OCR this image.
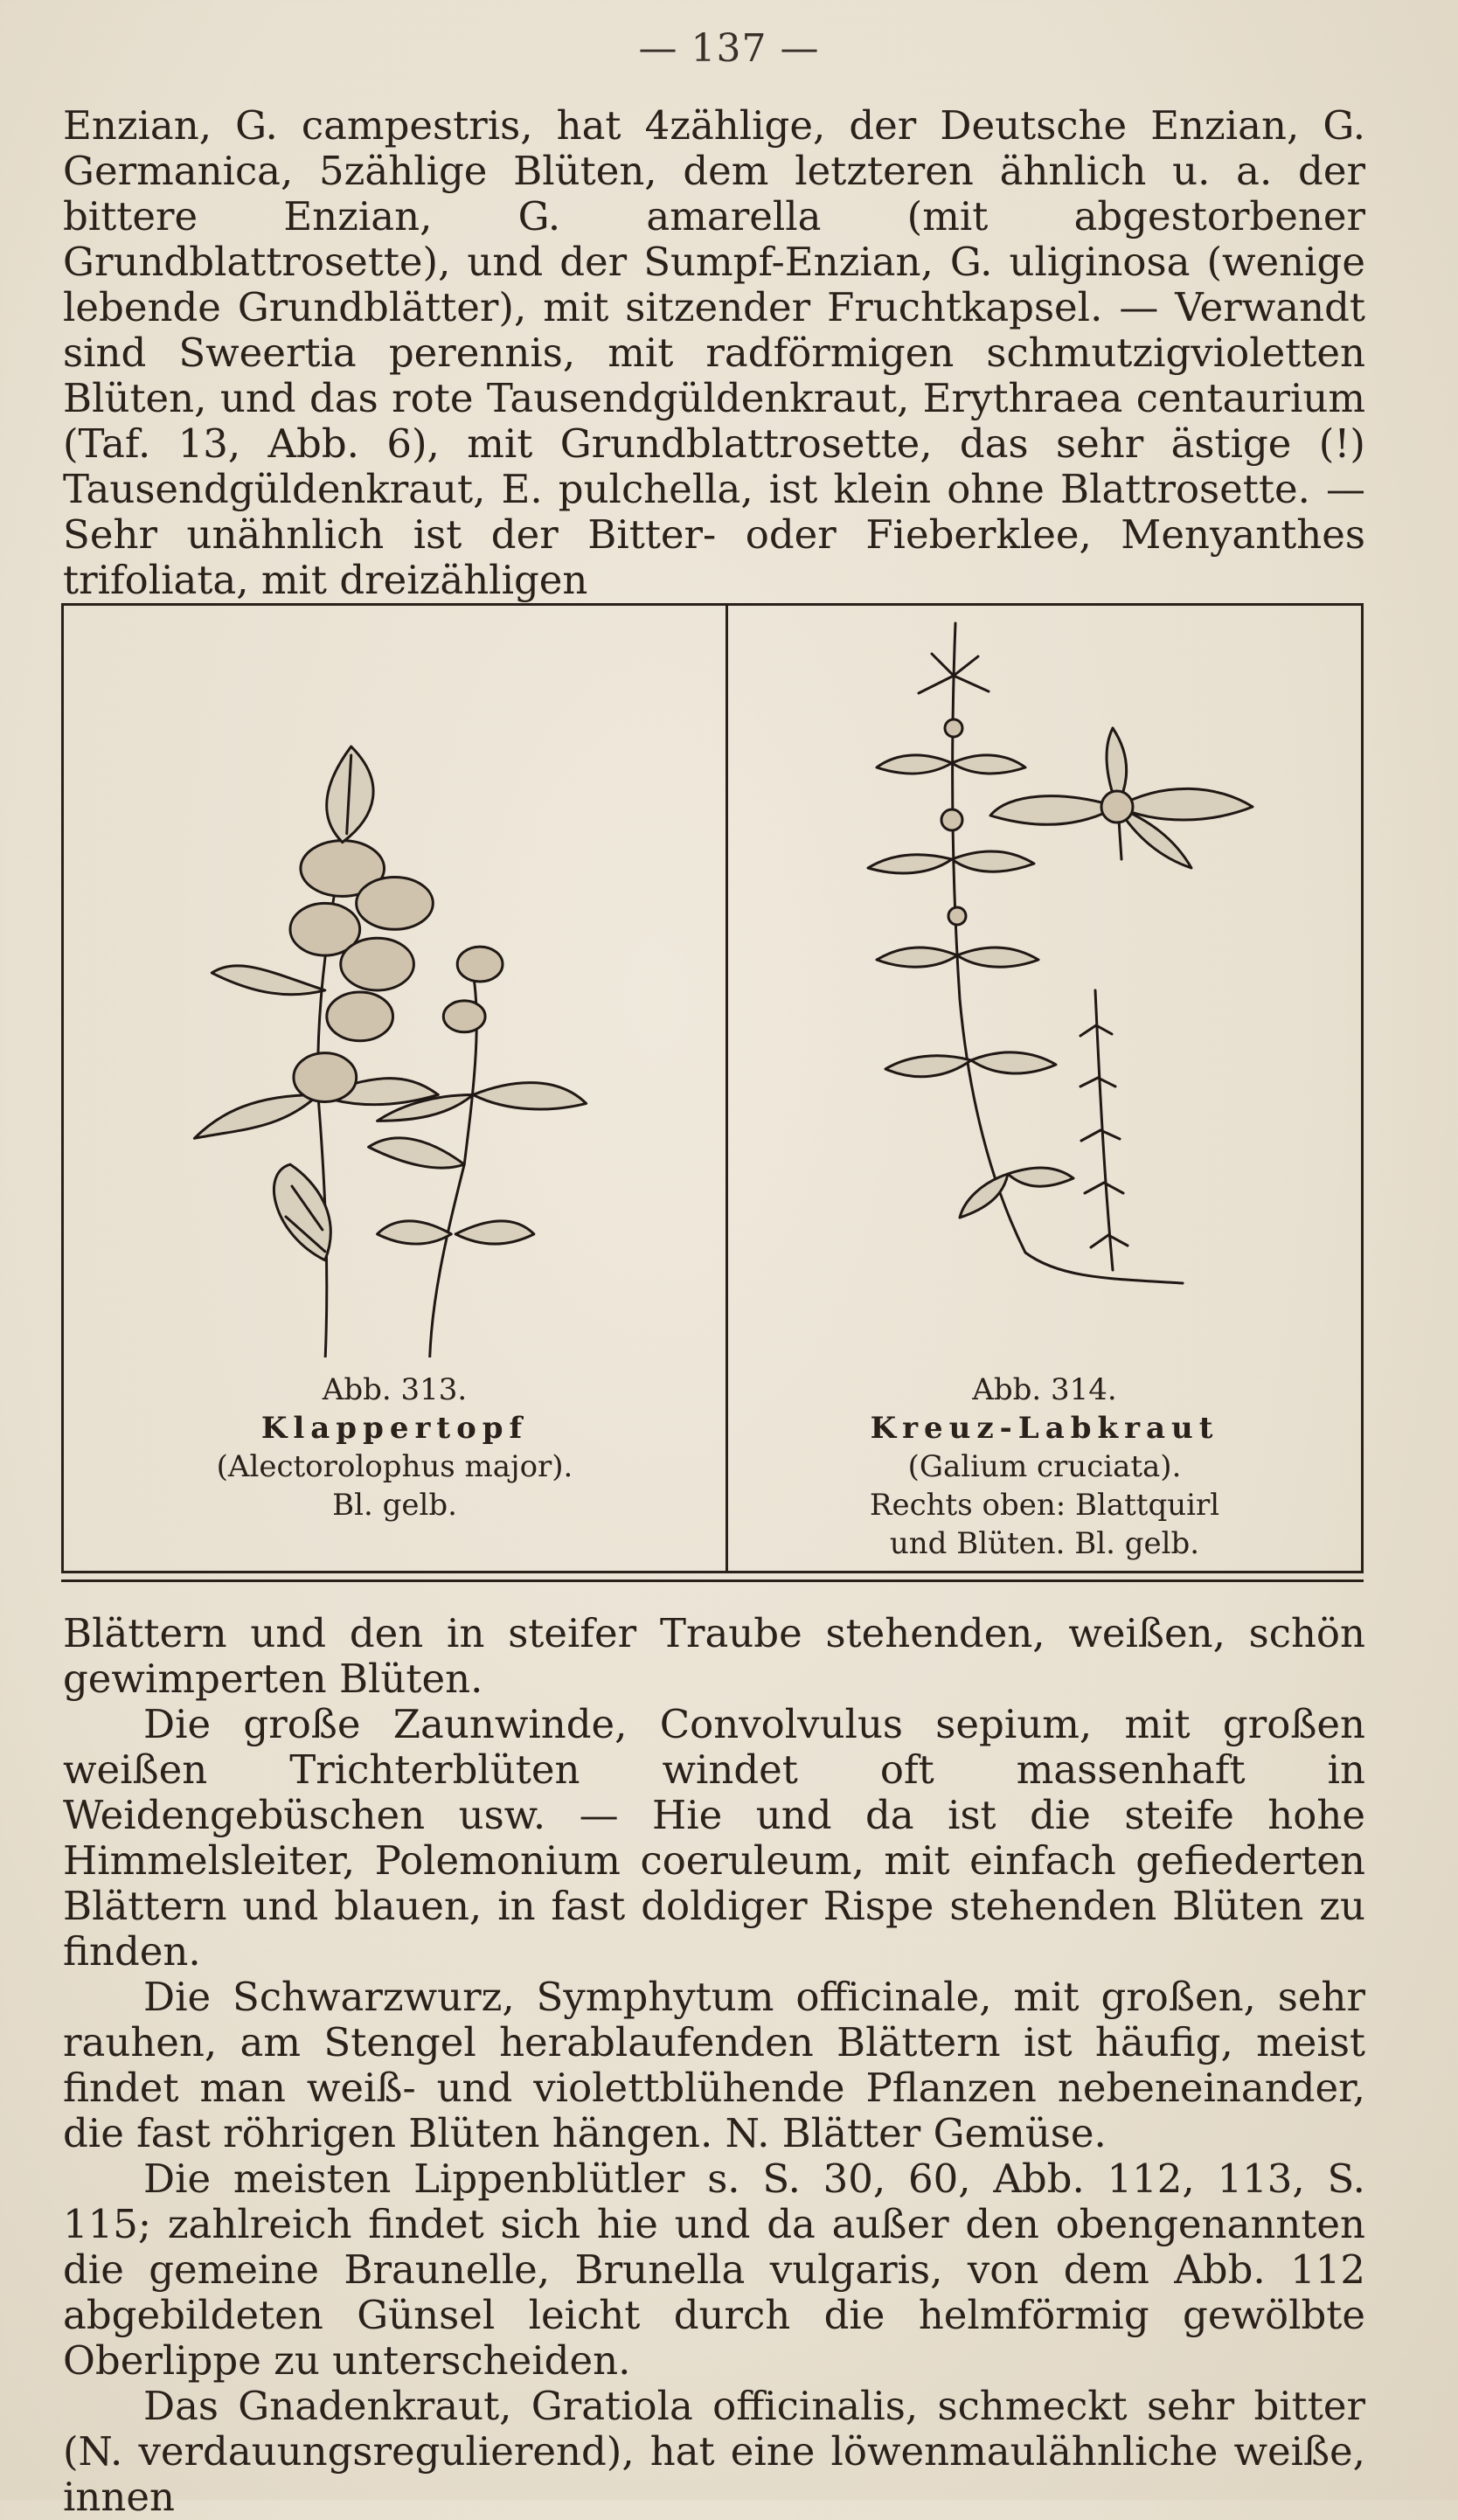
— 137 —

Enzian, G. campestris, hat 4zählige, der Deutsche Enzian, G. Germanica, 5zählige Blüten, dem letzteren ähnlich u. a. der bittere Enzian, G. amarella (mit abgestorbener Grundblattrosette), und der Sumpf-Enzian, G. uliginosa (wenige lebende Grundblätter), mit sitzender Fruchtkapsel. — Verwandt sind Sweertia perennis, mit radförmigen schmutzigvioletten Blüten, und das rote Tausendgüldenkraut, Erythraea centaurium (Taf. 13, Abb. 6), mit Grundblattrosette, das sehr ästige (!) Tausendgüldenkraut, E. pulchella, ist klein ohne Blattrosette. — Sehr unähnlich ist der Bitter- oder Fieberklee, Menyanthes trifoliata, mit dreizähligen

Abb. 313.
Klappertopf
(Alectorolophus major).
Bl. gelb.
Abb. 314.
Kreuz-Labkraut
(Galium cruciata).
Rechts oben: Blattquirl
und Blüten. Bl. gelb.

Blättern und den in steifer Traube stehenden, weißen, schön gewimperten Blüten.

Die große Zaunwinde, Convolvulus sepium, mit großen weißen Trichterblüten windet oft massenhaft in Weidengebüschen usw. — Hie und da ist die steife hohe Himmelsleiter, Polemonium coeruleum, mit einfach gefiederten Blättern und blauen, in fast doldiger Rispe stehenden Blüten zu finden.

Die Schwarzwurz, Symphytum officinale, mit großen, sehr rauhen, am Stengel herablaufenden Blättern ist häufig, meist findet man weiß- und violettblühende Pflanzen nebeneinander, die fast röhrigen Blüten hängen. N. Blätter Gemüse.

Die meisten Lippenblütler s. S. 30, 60, Abb. 112, 113, S. 115; zahlreich findet sich hie und da außer den obengenannten die gemeine Braunelle, Brunella vulgaris, von dem Abb. 112 abgebildeten Günsel leicht durch die helmförmig gewölbte Oberlippe zu unterscheiden.

Das Gnadenkraut, Gratiola officinalis, schmeckt sehr bitter (N. verdauungsregulierend), hat eine löwenmaulähnliche weiße, innen
